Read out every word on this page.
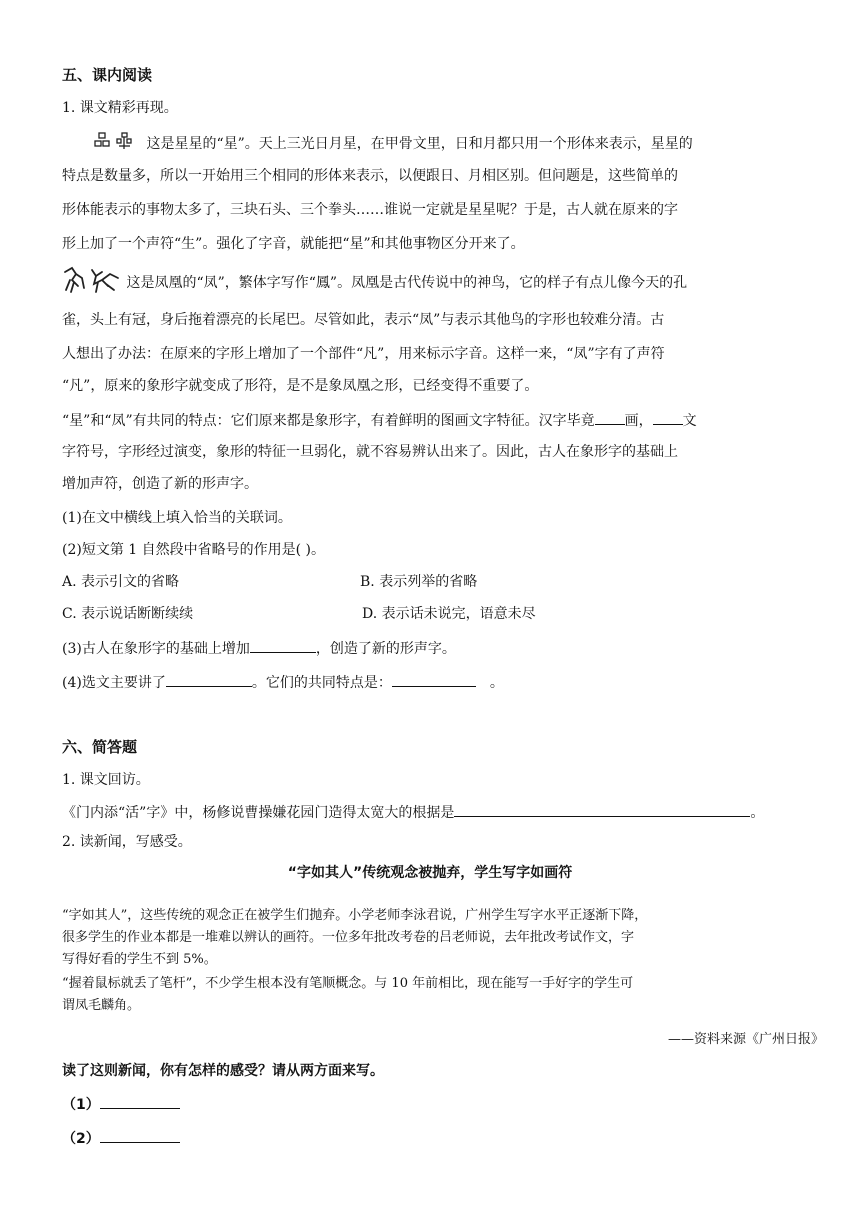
五、课内阅读
1. 课文精彩再现。
这是星星的“星”。天上三光日月星，在甲骨文里，日和月都只用一个形体来表示，星星的
特点是数量多，所以一开始用三个相同的形体来表示，以便跟日、月相区别。但问题是，这些简单的
形体能表示的事物太多了，三块石头、三个拳头……谁说一定就是星星呢？于是，古人就在原来的字
形上加了一个声符“生”。强化了字音，就能把“星”和其他事物区分开来了。
这是凤凰的“凤”，繁体字写作“鳳”。凤凰是古代传说中的神鸟，它的样子有点儿像今天的孔
雀，头上有冠，身后拖着漂亮的长尾巴。尽管如此，表示“凤”与表示其他鸟的字形也较难分清。古
人想出了办法：在原来的字形上增加了一个部件“凡”，用来标示字音。这样一来，“凤”字有了声符
“凡”，原来的象形字就变成了形符，是不是象凤凰之形，已经变得不重要了。
“星”和“凤”有共同的特点：它们原来都是象形字，有着鲜明的图画文字特征。汉字毕竟 画， 文
字符号，字形经过演变，象形的特征一旦弱化，就不容易辨认出来了。因此，古人在象形字的基础上
增加声符，创造了新的形声字。
(1)在文中横线上填入恰当的关联词。
(2)短文第 1 自然段中省略号的作用是( )。
A. 表示引文的省略	B. 表示列举的省略
C. 表示说话断断续续	D. 表示话未说完，语意未尽
(3)古人在象形字的基础上增加	，创造了新的形声字。
(4)选文主要讲了	。它们的共同特点是：	。
六、简答题
1. 课文回访。
《门内添“活”字》中，杨修说曹操嫌花园门造得太宽大的根据是	。
2. 读新闻，写感受。
“字如其人”传统观念被抛弃，学生写字如画符
“字如其人”，这些传统的观念正在被学生们抛弃。小学老师李泳君说，广州学生写字水平正逐渐下降，
很多学生的作业本都是一堆难以辨认的画符。一位多年批改考卷的吕老师说，去年批改考试作文，字
写得好看的学生不到 5%。
“握着鼠标就丢了笔杆”，不少学生根本没有笔顺概念。与 10 年前相比，现在能写一手好字的学生可
谓凤毛麟角。
——资料来源《广州日报》
读了这则新闻，你有怎样的感受？请从两方面来写。
（1）
（2）
